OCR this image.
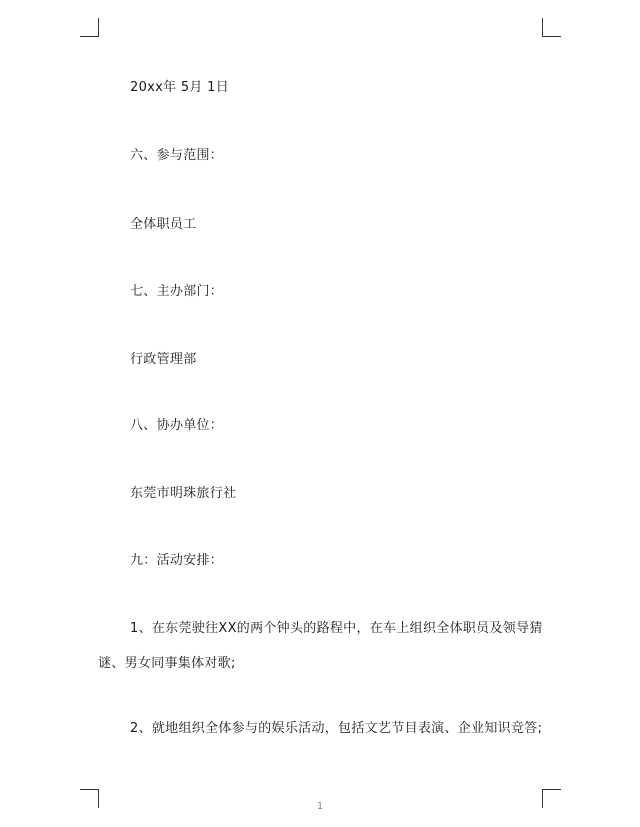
20xx年 5月 1日
六、参与范围：
全体职员工
七、主办部门：
行政管理部
八、协办单位：
东莞市明珠旅行社
九：活动安排：
1、在东莞驶往XX的两个钟头的路程中，在车上组织全体职员及领导猜
谜、男女同事集体对歌;
2、就地组织全体参与的娱乐活动，包括文艺节目表演、企业知识竞答;
1
